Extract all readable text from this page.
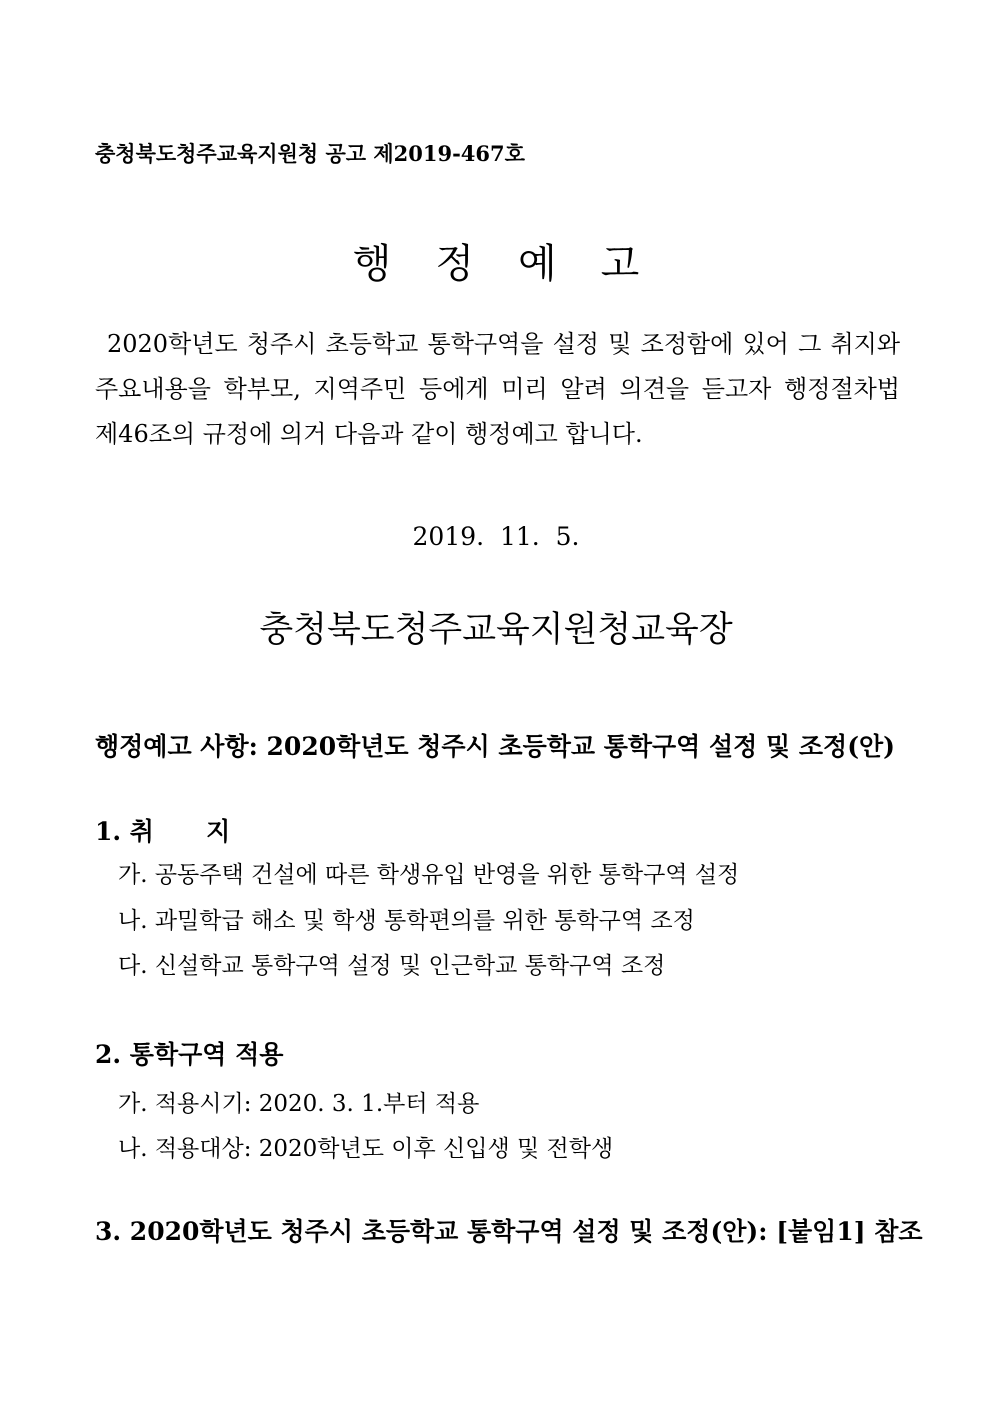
충청북도청주교육지원청 공고 제2019-467호
행정예고
2020학년도 청주시 초등학교 통학구역을 설정 및 조정함에 있어 그 취지와
주요내용을 학부모, 지역주민 등에게 미리 알려 의견을 듣고자 행정절차법
제46조의 규정에 의거 다음과 같이 행정예고 합니다.
2019.  11.  5.
충청북도청주교육지원청교육장
행정예고 사항: 2020학년도 청주시 초등학교 통학구역 설정 및 조정(안)
1. 취      지
가. 공동주택 건설에 따른 학생유입 반영을 위한 통학구역 설정
나. 과밀학급 해소 및 학생 통학편의를 위한 통학구역 조정
다. 신설학교 통학구역 설정 및 인근학교 통학구역 조정
2. 통학구역 적용
가. 적용시기: 2020. 3. 1.부터 적용
나. 적용대상: 2020학년도 이후 신입생 및 전학생
3. 2020학년도 청주시 초등학교 통학구역 설정 및 조정(안): [붙임1] 참조
